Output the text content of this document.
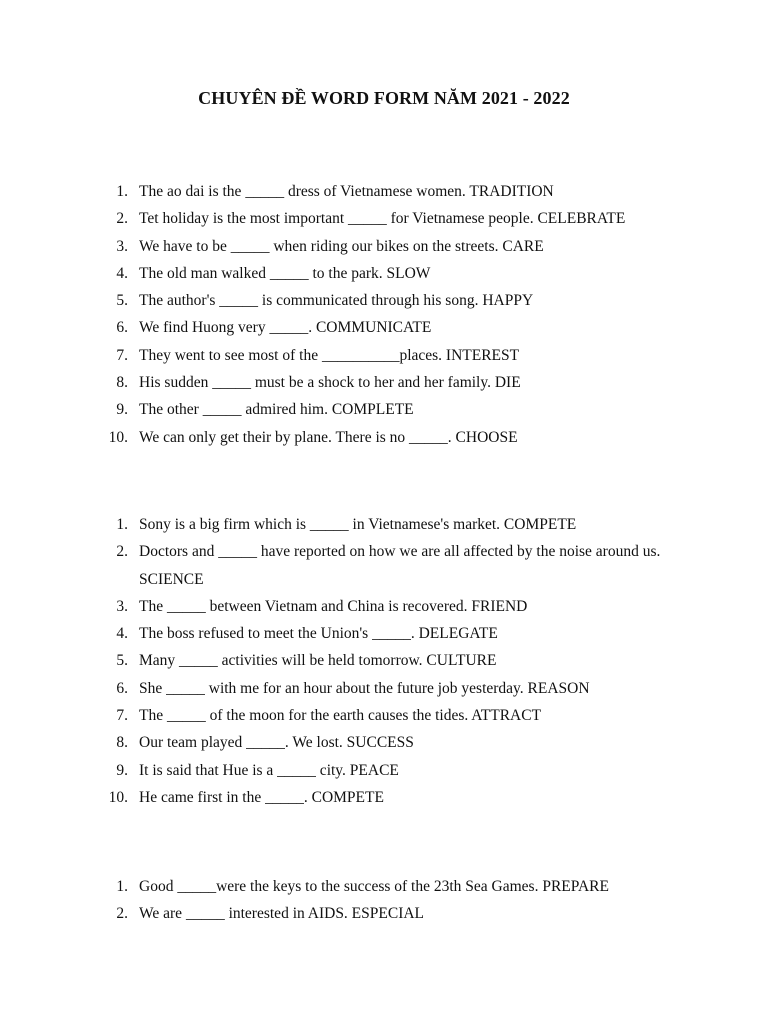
CHUYÊN ĐỀ WORD FORM NĂM 2021 - 2022
1. The ao dai is the _____ dress of Vietnamese women. TRADITION
2. Tet holiday is the most important _____ for Vietnamese people. CELEBRATE
3. We have to be _____ when riding our bikes on the streets. CARE
4. The old man walked _____ to the park. SLOW
5. The author's _____ is communicated through his song. HAPPY
6. We find Huong very _____. COMMUNICATE
7. They went to see most of the __________places. INTEREST
8. His sudden _____ must be a shock to her and her family. DIE
9. The other _____ admired him. COMPLETE
10. We can only get their by plane. There is no _____. CHOOSE
1. Sony is a big firm which is _____ in Vietnamese's market. COMPETE
2. Doctors and _____ have reported on how we are all affected by the noise around us. SCIENCE
3. The _____ between Vietnam and China is recovered. FRIEND
4. The boss refused to meet the Union's _____. DELEGATE
5. Many _____ activities will be held tomorrow. CULTURE
6. She _____ with me for an hour about the future job yesterday. REASON
7. The _____ of the moon for the earth causes the tides. ATTRACT
8. Our team played _____. We lost. SUCCESS
9. It is said that Hue is a _____ city. PEACE
10. He came first in the _____. COMPETE
1. Good _____were the keys to the success of the 23th Sea Games. PREPARE
2. We are _____ interested in AIDS. ESPECIAL
